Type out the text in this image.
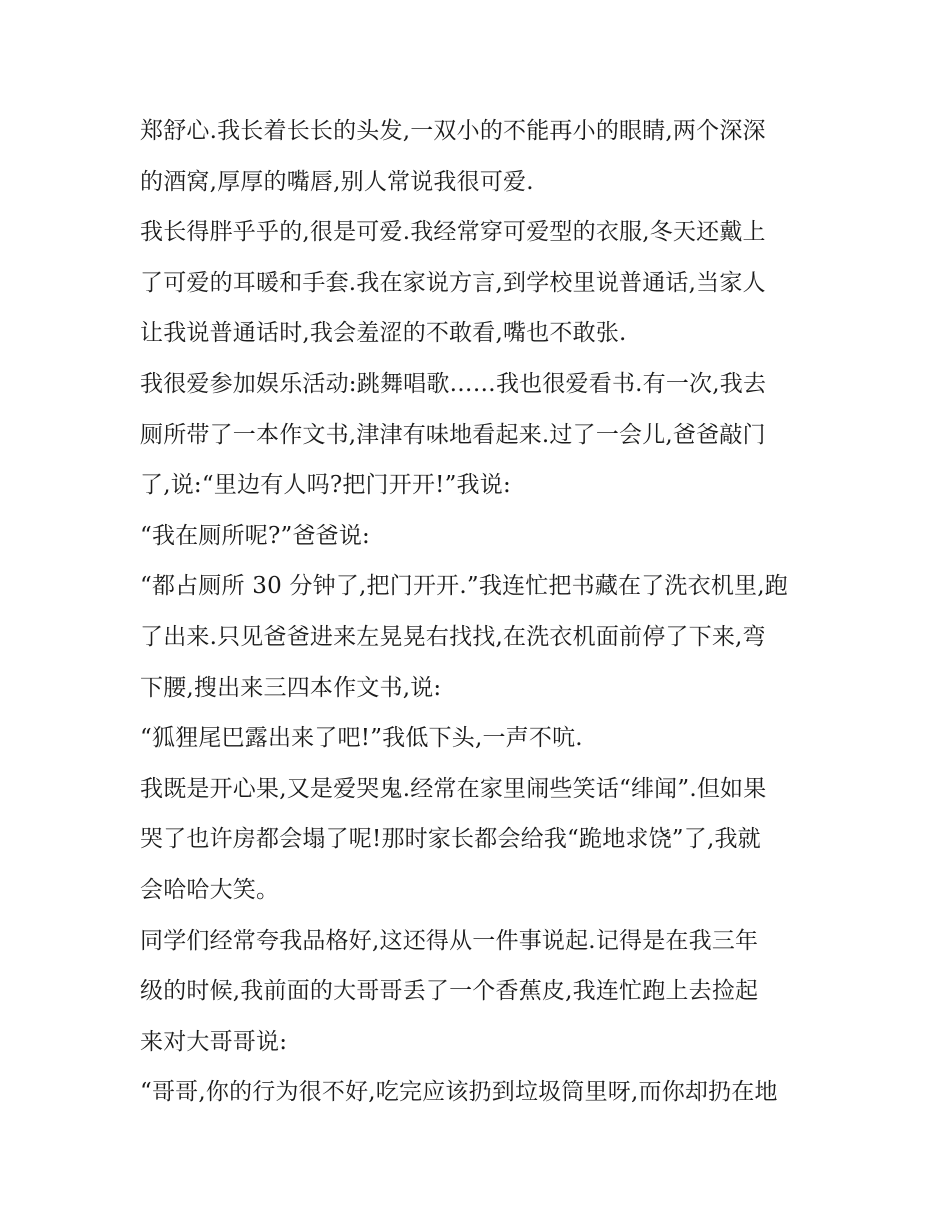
郑舒心.我长着长长的头发,一双小的不能再小的眼睛,两个深深
的酒窝,厚厚的嘴唇,别人常说我很可爱.
我长得胖乎乎的,很是可爱.我经常穿可爱型的衣服,冬天还戴上
了可爱的耳暖和手套.我在家说方言,到学校里说普通话,当家人
让我说普通话时,我会羞涩的不敢看,嘴也不敢张.
我很爱参加娱乐活动:跳舞唱歌……我也很爱看书.有一次,我去
厕所带了一本作文书,津津有味地看起来.过了一会儿,爸爸敲门
了,说:“里边有人吗?把门开开!”我说:
“我在厕所呢?”爸爸说:
“都占厕所 30 分钟了,把门开开.”我连忙把书藏在了洗衣机里,跑
了出来.只见爸爸进来左晃晃右找找,在洗衣机面前停了下来,弯
下腰,搜出来三四本作文书,说:
“狐狸尾巴露出来了吧!”我低下头,一声不吭.
我既是开心果,又是爱哭鬼.经常在家里闹些笑话“绯闻”.但如果
哭了也许房都会塌了呢!那时家长都会给我“跪地求饶”了,我就
会哈哈大笑。
同学们经常夸我品格好,这还得从一件事说起.记得是在我三年
级的时候,我前面的大哥哥丢了一个香蕉皮,我连忙跑上去捡起
来对大哥哥说:
“哥哥,你的行为很不好,吃完应该扔到垃圾筒里呀,而你却扔在地
